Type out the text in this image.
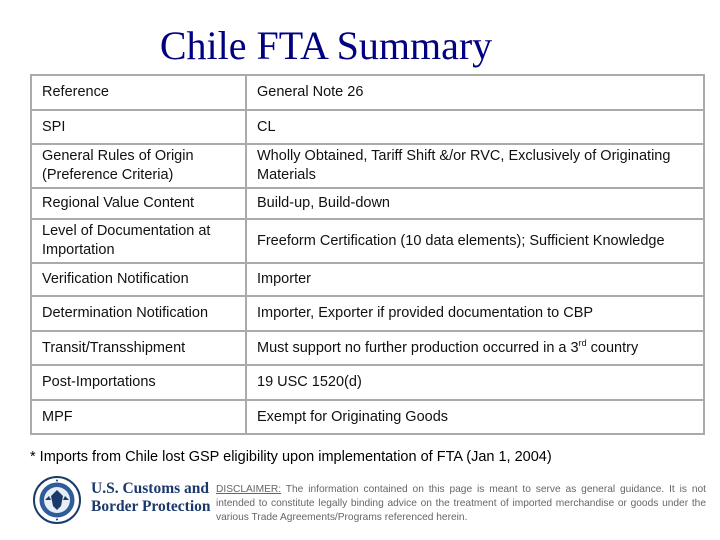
Chile FTA Summary
Reference	General Note 26
SPI	CL
General Rules of Origin (Preference Criteria)	Wholly Obtained, Tariff Shift &/or RVC, Exclusively of Originating Materials
Regional Value Content	Build-up, Build-down
Level of Documentation at Importation	Freeform Certification (10 data elements); Sufficient Knowledge
Verification Notification	Importer
Determination Notification	Importer, Exporter if provided documentation to CBP
Transit/Transshipment	Must support no further production occurred in a 3rd country
Post-Importations	19 USC 1520(d)
MPF	Exempt for Originating Goods
* Imports from Chile lost GSP eligibility upon implementation of FTA (Jan 1, 2004)
U.S. Customs and
Border Protection
DISCLAIMER: The information contained on this page is meant to serve as general guidance. It is not intended to constitute legally binding advice on the treatment of imported merchandise or goods under the various Trade Agreements/Programs referenced herein.
